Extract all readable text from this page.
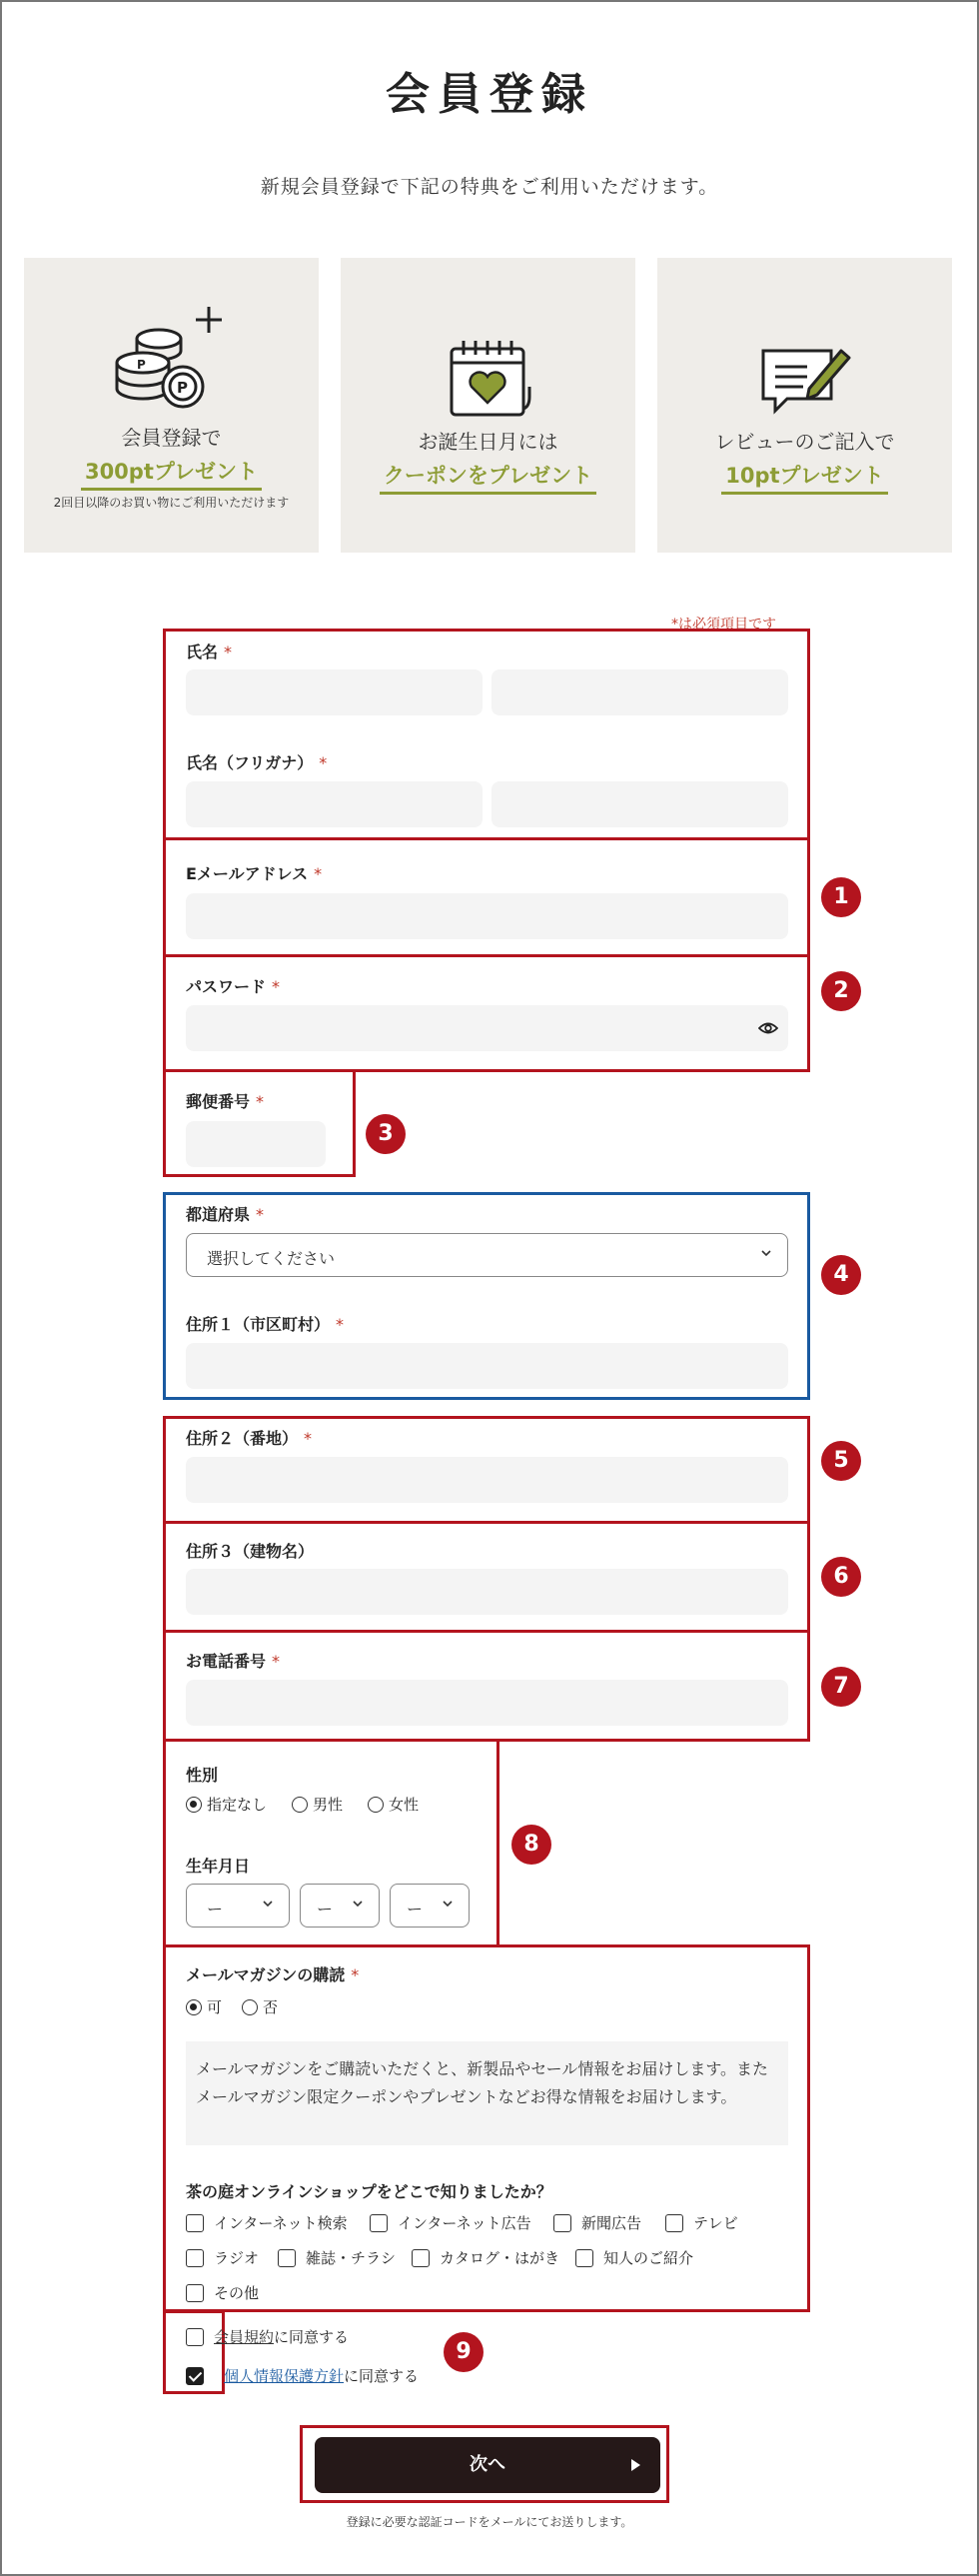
会員登録
新規会員登録で下記の特典をご利用いただけます。
P
P
会員登録で
300ptプレゼント
2回目以降のお買い物にご利用いただけます
お誕生日月には
クーポンをプレゼント
レビューのご記入で
10ptプレゼント
*は必須項目です
氏名 *
氏名（フリガナ） *
Eメールアドレス *
1
パスワード *	2
郵便番号 *
3
都道府県 *
選択してください
住所１（市区町村） *
4
住所２（番地） *
5
住所３（建物名）
6
お電話番号 *
7
性別
指定なし	男性	女性
生年月日
ー	ー	ー
8
メールマガジンの購読 *
可	否
メールマガジンをご購読いただくと、新製品やセール情報をお届けします。またメールマガジン限定クーポンやプレゼントなどお得な情報をお届けします。
茶の庭オンラインショップをどこで知りましたか？
インターネット検索	インターネット広告	新聞広告	テレビ
ラジオ	雑誌・チラシ	カタログ・はがき	知人のご紹介
その他
会員規約 に同意する
個人情報保護方針 に同意する
9
次へ
登録に必要な認証コードをメールにてお送りします。
